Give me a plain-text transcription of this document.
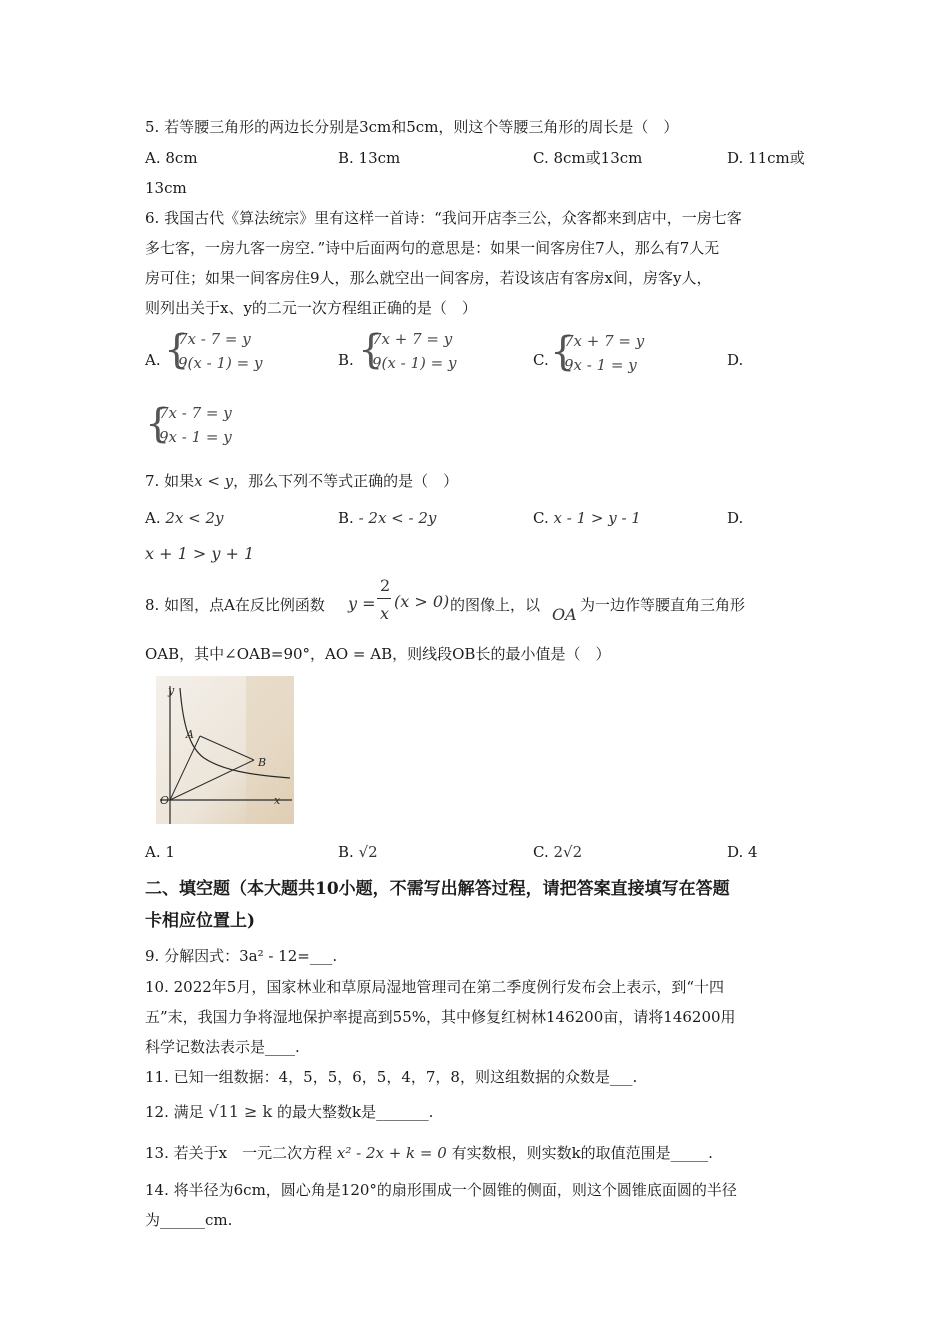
5. 若等腰三角形的两边长分别是3cm和5cm，则这个等腰三角形的周长是（　）
A. 8cm	B. 13cm	C. 8cm或13cm	D. 11cm或
13cm
6. 我国古代《算法统宗》里有这样一首诗：“我问开店李三公，众客都来到店中，一房七客
多七客，一房九客一房空．”诗中后面两句的意思是：如果一间客房住7人，那么有7人无
房可住；如果一间客房住9人，那么就空出一间客房，若设该店有客房x间，房客y人，
则列出关于x、y的二元一次方程组正确的是（　）
A. {
7x - 7 = y
9(x - 1) = y	B. {
7x + 7 = y
9(x - 1) = y	C. {
7x + 7 = y
9x - 1 = y	D.
{
7x - 7 = y
9x - 1 = y
7. 如果x < y，那么下列不等式正确的是（　）
A. 2x < 2y	B. - 2x < - 2y	C. x - 1 > y - 1	D.
x + 1 > y + 1
8. 如图，点A在反比例函数 y =
2
x
(x > 0) 的图像上，以 OA 为一边作等腰直角三角形
OAB，其中∠OAB=90°，AO = AB，则线段OB长的最小值是（　）
y
A
B
O	x
A. 1	B. √2	C. 2√2	D. 4
二、填空题（本大题共10小题，不需写出解答过程，请把答案直接填写在答题
卡相应位置上)
9. 分解因式：3a² - 12=___.
10. 2022年5月，国家林业和草原局湿地管理司在第二季度例行发布会上表示，到“十四
五”末，我国力争将湿地保护率提高到55%，其中修复红树林146200亩，请将146200用
科学记数法表示是____.
11. 已知一组数据：4，5，5，6，5，4，7，8，则这组数据的众数是___.
12. 满足 √11 ≥ k 的最大整数k是_______.
13. 若关于x　一元二次方程 x² - 2x + k = 0 有实数根，则实数k的取值范围是_____.
14. 将半径为6cm，圆心角是120°的扇形围成一个圆锥的侧面，则这个圆锥底面圆的半径
为______cm.
